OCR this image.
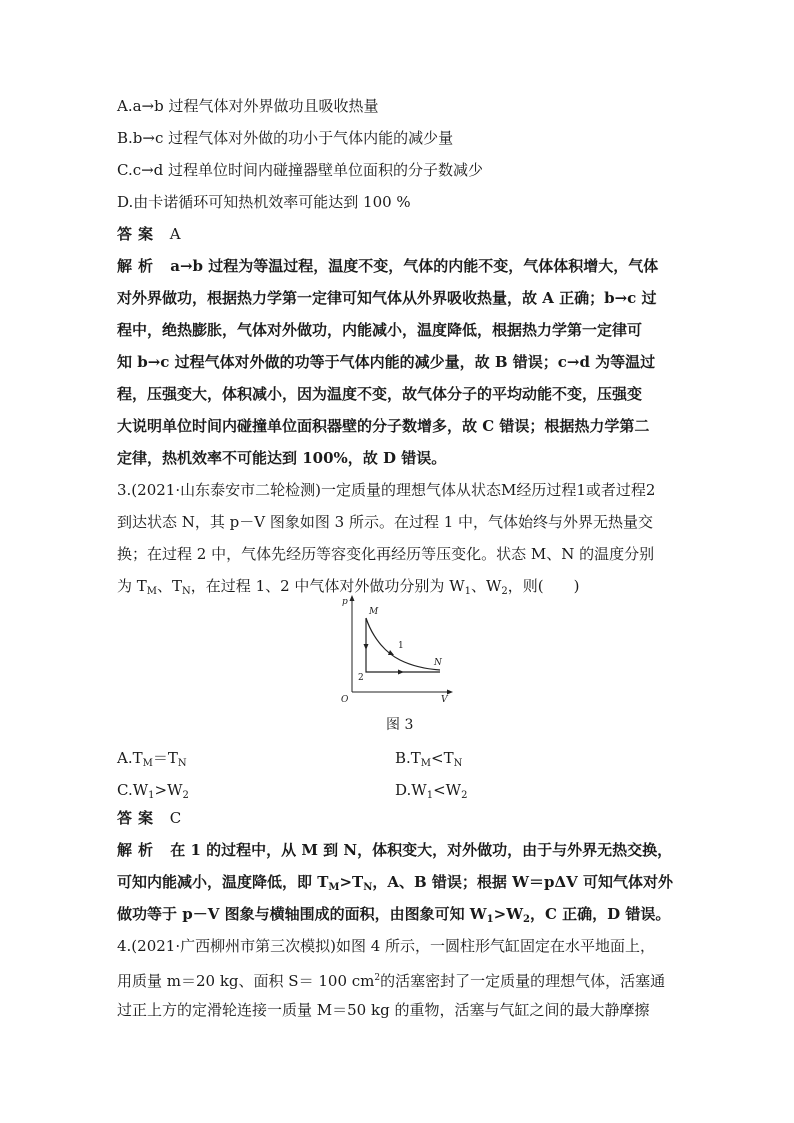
A.a→b 过程气体对外界做功且吸收热量
B.b→c 过程气体对外做的功小于气体内能的减少量
C.c→d 过程单位时间内碰撞器壁单位面积的分子数减少
D.由卡诺循环可知热机效率可能达到 100 %
答案 A
解析 a→b 过程为等温过程，温度不变，气体的内能不变，气体体积增大，气体
对外界做功，根据热力学第一定律可知气体从外界吸收热量，故 A 正确；b→c 过
程中，绝热膨胀，气体对外做功，内能减小，温度降低，根据热力学第一定律可
知 b→c 过程气体对外做的功等于气体内能的减少量，故 B 错误；c→d 为等温过
程，压强变大，体积减小，因为温度不变，故气体分子的平均动能不变，压强变
大说明单位时间内碰撞单位面积器壁的分子数增多，故 C 错误；根据热力学第二
定律，热机效率不可能达到 100%，故 D 错误。
3.(2021·山东泰安市二轮检测)一定质量的理想气体从状态M经历过程1或者过程2
到达状态 N，其 p－V 图象如图 3 所示。在过程 1 中，气体始终与外界无热量交
换；在过程 2 中，气体先经历等容变化再经历等压变化。状态 M、N 的温度分别
为 $T_M$、$T_N$，在过程 1、2 中气体对外做功分别为 $W_1$、$W_2$，则(　　)
p
V
O
M
N
1
2
图 3
$A.T_M=T_N$	$B.T_M<T_N$
$C.W_1>W_2$	$D.W_1<W_2$
答案 C
解析 在 1 的过程中，从 M 到 N，体积变大，对外做功，由于与外界无热交换，
可知内能减小，温度降低，即 $T_M>T_N$，A、B 错误；根据 W＝pΔV 可知气体对外
做功等于 p－V 图象与横轴围成的面积，由图象可知 $W_1>W_2$，C 正确，D 错误。
4.(2021·广西柳州市第三次模拟)如图 4 所示，一圆柱形气缸固定在水平地面上，
用质量 m＝20 kg、面积 S＝ 100 $cm^2$的活塞密封了一定质量的理想气体，活塞通
过正上方的定滑轮连接一质量 M＝50 kg 的重物，活塞与气缸之间的最大静摩擦
